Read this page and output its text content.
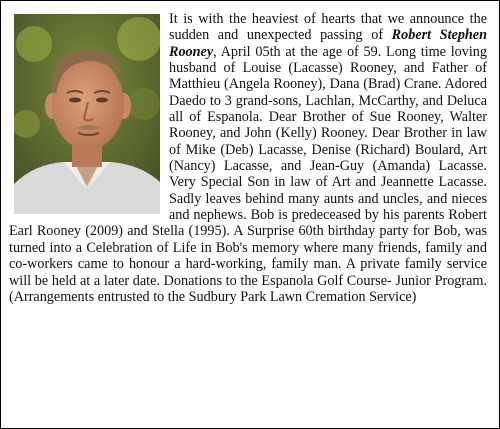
It is with the heaviest of hearts that we announce the sudden and unexpected passing of Robert Stephen Rooney, April 05th at the age of 59. Long time loving husband of Louise (Lacasse) Rooney, and Father of Matthieu (Angela Rooney), Dana (Brad) Crane. Adored Daedo to 3 grand-sons, Lachlan, McCarthy, and Deluca all of Espanola. Dear Brother of Sue Rooney, Walter Rooney, and John (Kelly) Rooney. Dear Brother in law of Mike (Deb) Lacasse, Denise (Richard) Boulard, Art (Nancy) Lacasse, and Jean-Guy (Amanda) Lacasse. Very Special Son in law of Art and Jeannette Lacasse. Sadly leaves behind many aunts and uncles, and nieces and nephews. Bob is predeceased by his parents Robert Earl Rooney (2009) and Stella (1995). A Surprise 60th birthday party for Bob, was turned into a Celebration of Life in Bob's memory where many friends, family and co-workers came to honour a hard-working, family man. A private family service will be held at a later date. Donations to the Espanola Golf Course- Junior Program. (Arrangements entrusted to the Sudbury Park Lawn Cremation Service)
